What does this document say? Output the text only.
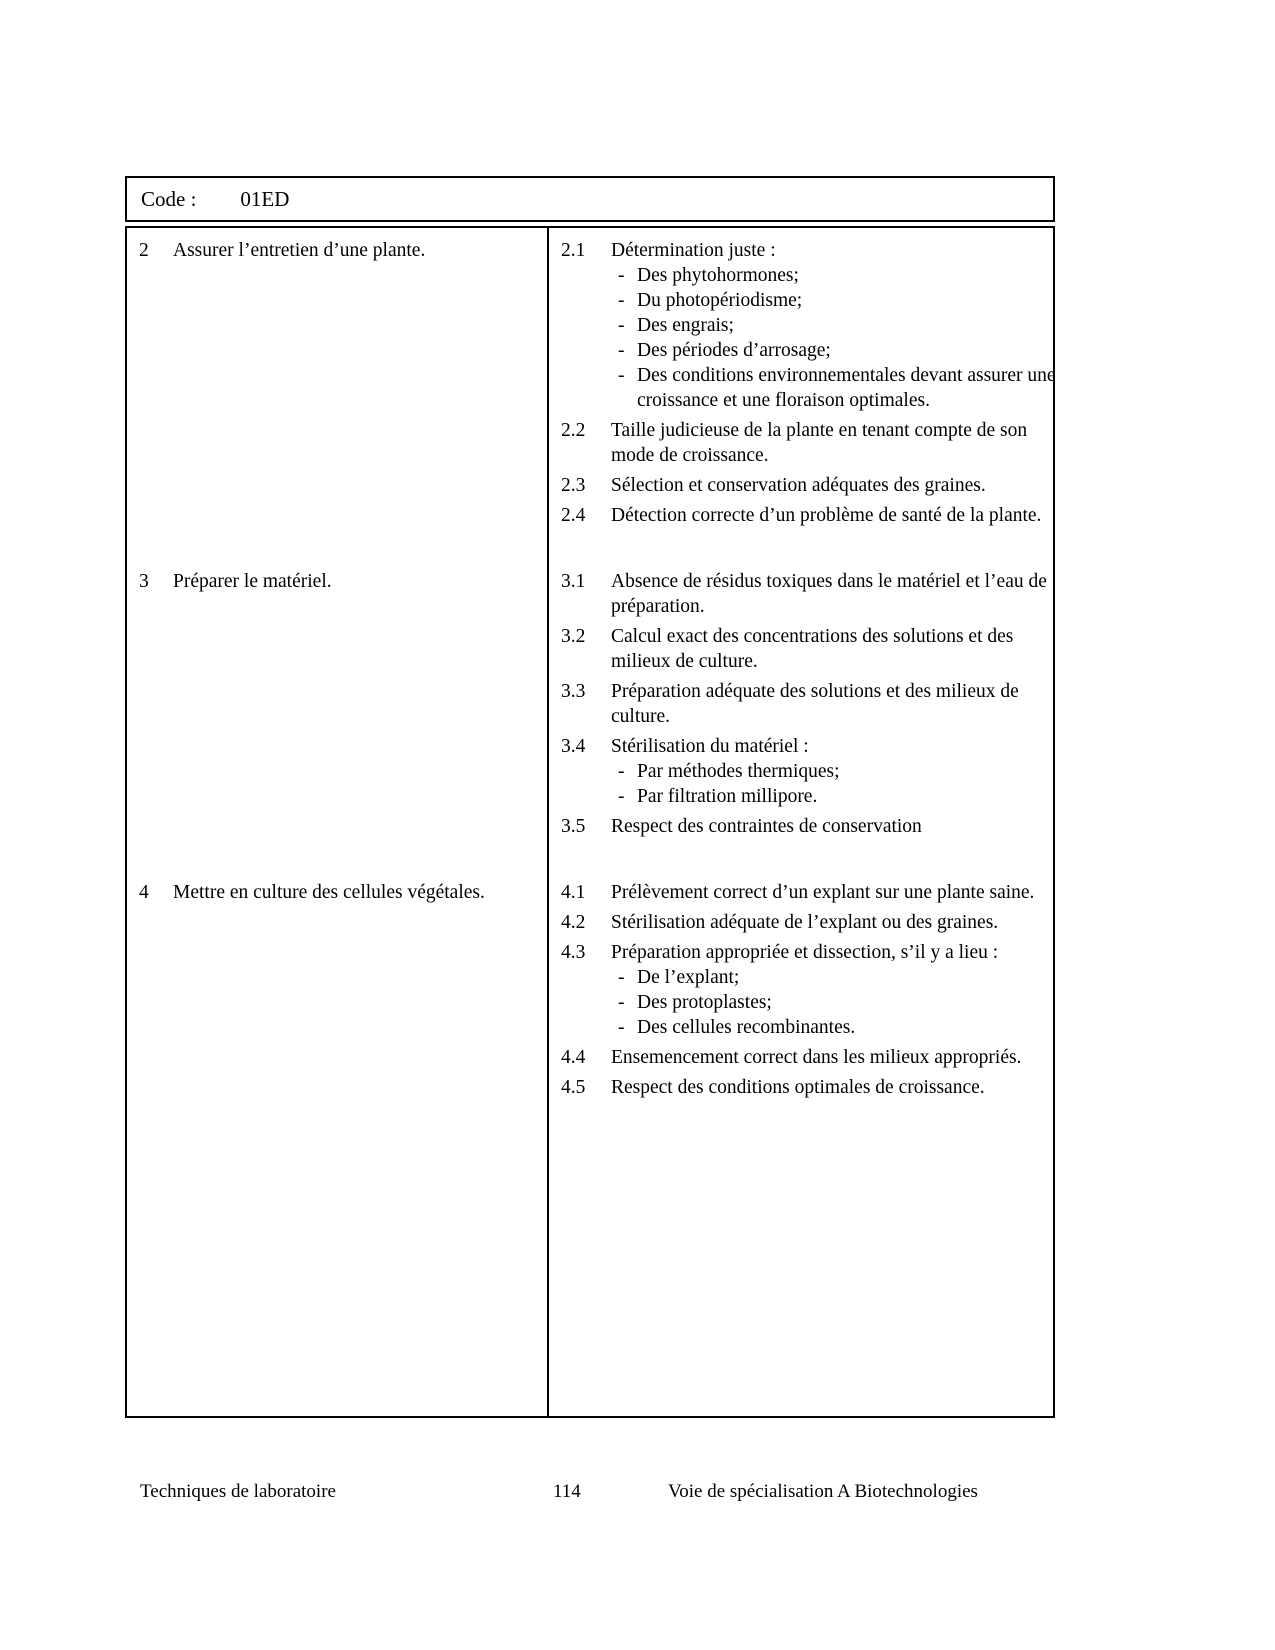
Code : 01ED
2	Assurer l’entretien d’une plante.	2.1	Détermination juste :
- Des phytohormones;
- Du photopériodisme;
- Des engrais;
- Des périodes d’arrosage;
- Des conditions environnementales devant assurer une croissance et une floraison optimales.
2.2	Taille judicieuse de la plante en tenant compte de son mode de croissance.
2.3	Sélection et conservation adéquates des graines.
2.4	Détection correcte d’un problème de santé de la plante.
3	Préparer le matériel.	3.1	Absence de résidus toxiques dans le matériel et l’eau de préparation.
3.2	Calcul exact des concentrations des solutions et des milieux de culture.
3.3	Préparation adéquate des solutions et des milieux de culture.
3.4	Stérilisation du matériel :
- Par méthodes thermiques;
- Par filtration millipore.
3.5	Respect des contraintes de conservation
4	Mettre en culture des cellules végétales.	4.1	Prélèvement correct d’un explant sur une plante saine.
4.2	Stérilisation adéquate de l’explant ou des graines.
4.3	Préparation appropriée et dissection, s’il y a lieu :
- De l’explant;
- Des protoplastes;
- Des cellules recombinantes.
4.4	Ensemencement correct dans les milieux appropriés.
4.5	Respect des conditions optimales de croissance.
Techniques de laboratoire	114	Voie de spécialisation A Biotechnologies
